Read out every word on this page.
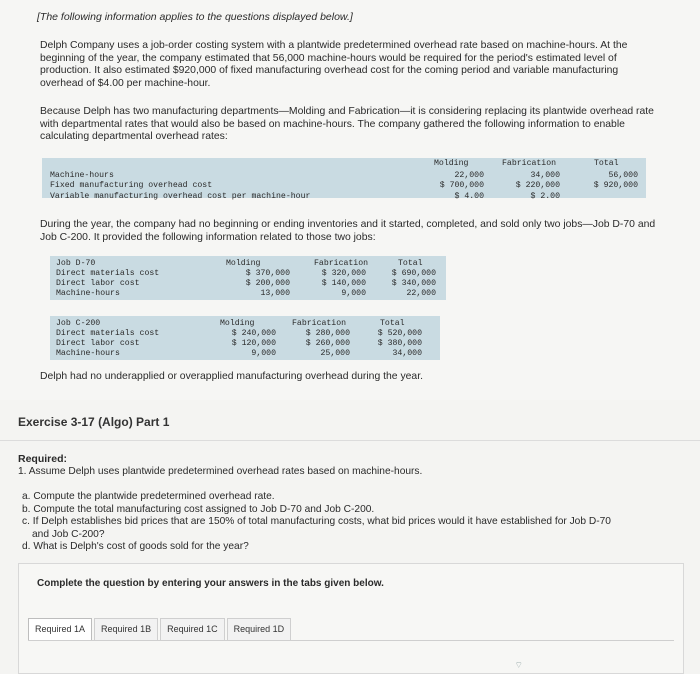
[The following information applies to the questions displayed below.]

Delph Company uses a job-order costing system with a plantwide predetermined overhead rate based on machine-hours. At the beginning of the year, the company estimated that 56,000 machine-hours would be required for the period's estimated level of production. It also estimated $920,000 of fixed manufacturing overhead cost for the coming period and variable manufacturing overhead of $4.00 per machine-hour.

Because Delph has two manufacturing departments—Molding and Fabrication—it is considering replacing its plantwide overhead rate with departmental rates that would also be based on machine-hours. The company gathered the following information to enable calculating departmental overhead rates:

Molding	Fabrication	Total
Machine-hours	22,000	34,000	56,000
Fixed manufacturing overhead cost	$ 700,000	$ 220,000	$ 920,000
Variable manufacturing overhead cost per machine-hour	$ 4.00	$ 2.00

During the year, the company had no beginning or ending inventories and it started, completed, and sold only two jobs—Job D-70 and Job C-200. It provided the following information related to those two jobs:

Job D-70	Molding	Fabrication	Total
Direct materials cost	$ 370,000	$ 320,000	$ 690,000
Direct labor cost	$ 200,000	$ 140,000	$ 340,000
Machine-hours	13,000	9,000	22,000
Job C-200	Molding	Fabrication	Total
Direct materials cost	$ 240,000	$ 280,000	$ 520,000
Direct labor cost	$ 120,000	$ 260,000	$ 380,000
Machine-hours	9,000	25,000	34,000

Delph had no underapplied or overapplied manufacturing overhead during the year.

Exercise 3-17 (Algo) Part 1
Required:
1. Assume Delph uses plantwide predetermined overhead rates based on machine-hours.
a. Compute the plantwide predetermined overhead rate.
b. Compute the total manufacturing cost assigned to Job D-70 and Job C-200.
c. If Delph establishes bid prices that are 150% of total manufacturing costs, what bid prices would it have established for Job D-70
and Job C-200?
d. What is Delph's cost of goods sold for the year?
Complete the question by entering your answers in the tabs given below.
Required 1A	Required 1B	Required 1C	Required 1D
⌔
